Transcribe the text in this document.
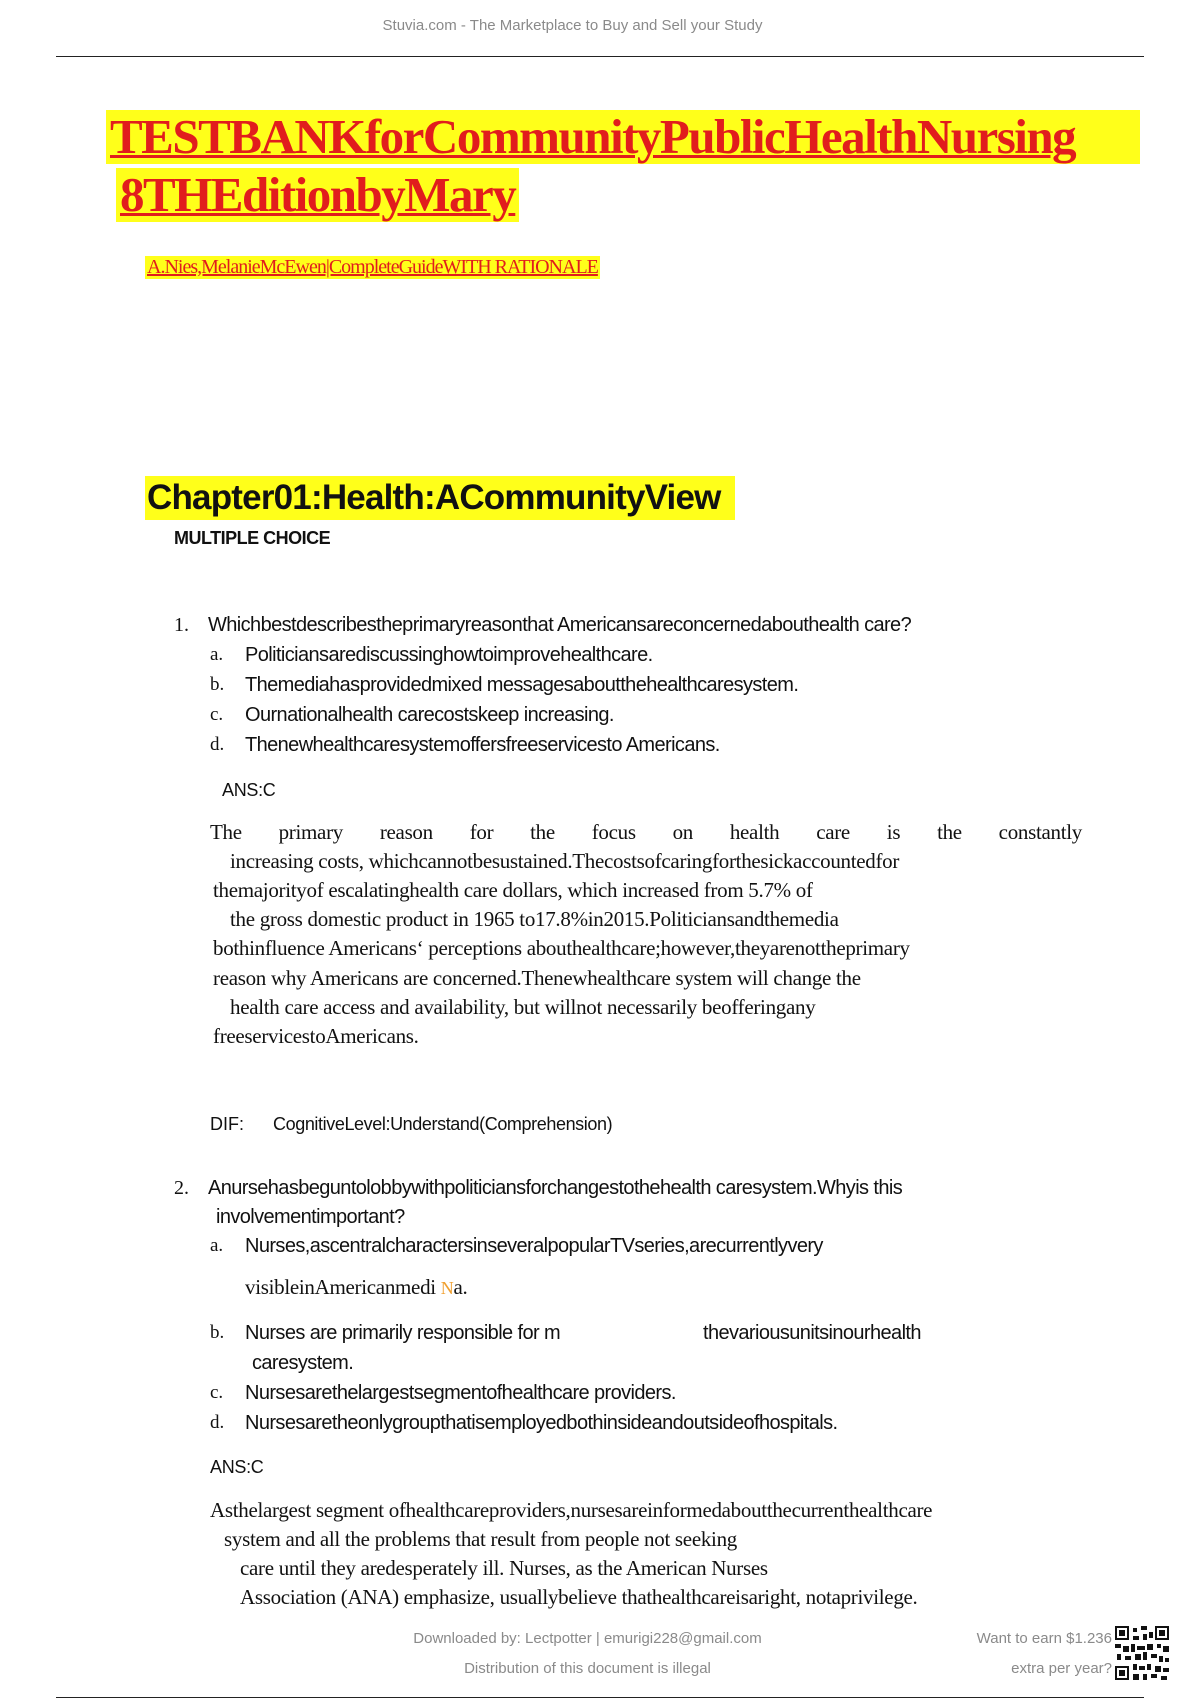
Stuvia.com - The Marketplace to Buy and Sell your Study
TESTBANKforCommunityPublicHealthNursing
8THEditionbyMary
A.Nies,MelanieMcEwen|CompleteGuideWITH RATIONALE
Chapter01:Health:ACommunityView
MULTIPLE CHOICE
1. Whichbestdescribestheprimaryreasonthat Americansareconcernedabouthealth care?
a. Politiciansarediscussinghowtoimprovehealthcare.
b. Themediahasprovidedmixed messagesaboutthehealthcaresystem.
c. Ournationalhealth carecostskeep increasing.
d. Thenewhealthcaresystemoffersfreeservicesto Americans.
ANS:C
The primary reason for the focus on health care is the constantly
increasing costs, whichcannotbesustained.Thecostsofcaringforthesickaccountedfor
themajorityof escalatinghealth care dollars, which increased from 5.7% of
the gross domestic product in 1965 to17.8%in2015.Politiciansandthemedia
bothinfluence Americans‘ perceptions abouthealthcare;however,theyarenottheprimary
reason why Americans are concerned.Thenewhealthcare system will change the
health care access and availability, but willnot necessarily beofferingany
freeservicestoAmericans.
DIF: CognitiveLevel:Understand(Comprehension)
2. Anursehasbeguntolobbywithpoliticiansforchangestothehealth caresystem.Whyis this
involvementimportant?
a. Nurses,ascentralcharactersinseveralpopularTVseries,arecurrentlyvery
visibleinAmericanmedi Na.
b. Nurses are primarily responsible for m	thevariousunitsinourhealth
caresystem.
c. Nursesarethelargestsegmentofhealthcare providers.
d. Nursesaretheonlygroupthatisemployedbothinsideandoutsideofhospitals.
ANS:C
Asthelargest segment ofhealthcareproviders,nursesareinformedaboutthecurrenthealthcare
system and all the problems that result from people not seeking
care until they aredesperately ill. Nurses, as the American Nurses
Association (ANA) emphasize, usuallybelieve thathealthcareisaright, notaprivilege.
Downloaded by: Lectpotter | emurigi228@gmail.com
Distribution of this document is illegal
Want to earn $1.236
extra per year?
